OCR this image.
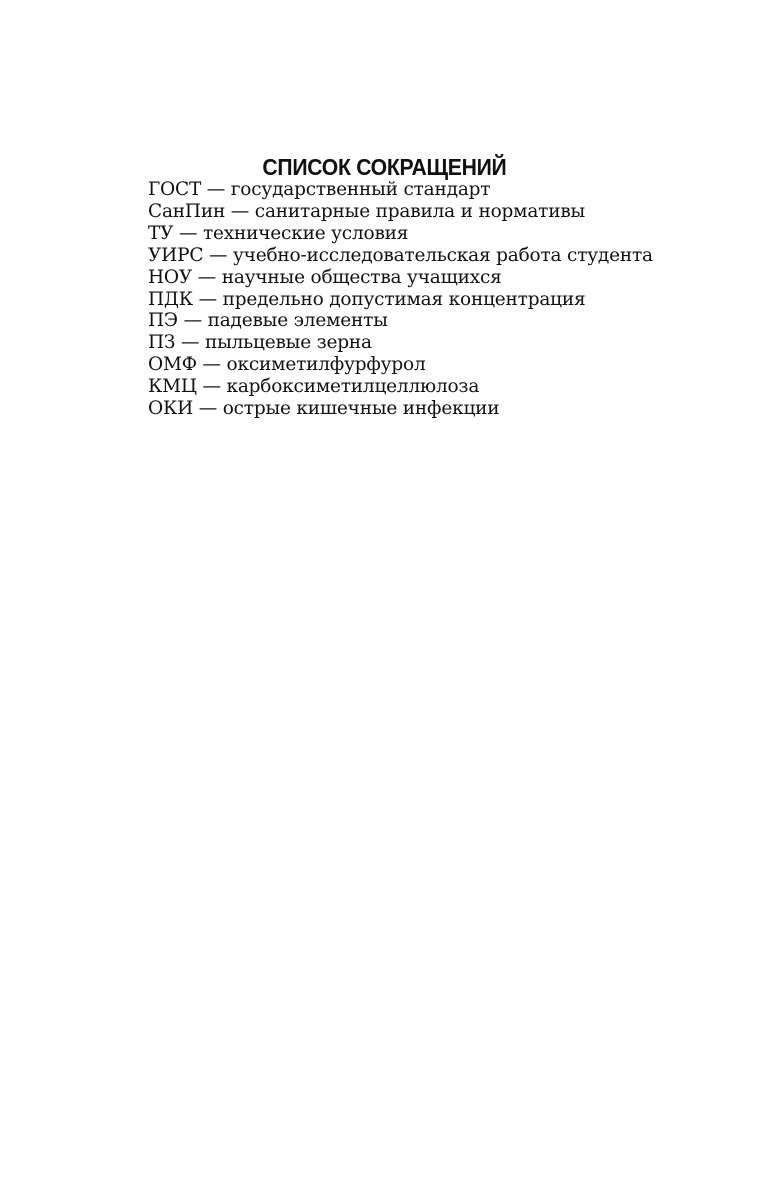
СПИСОК СОКРАЩЕНИЙ
ГОСТ — государственный стандарт
СанПин — санитарные правила и нормативы
ТУ — технические условия
УИРС — учебно-исследовательская работа студента
НОУ — научные общества учащихся
ПДК — предельно допустимая концентрация
ПЭ — падевые элементы
ПЗ — пыльцевые зерна
ОМФ — оксиметилфурфурол
КМЦ — карбоксиметилцеллюлоза
ОКИ — острые кишечные инфекции
